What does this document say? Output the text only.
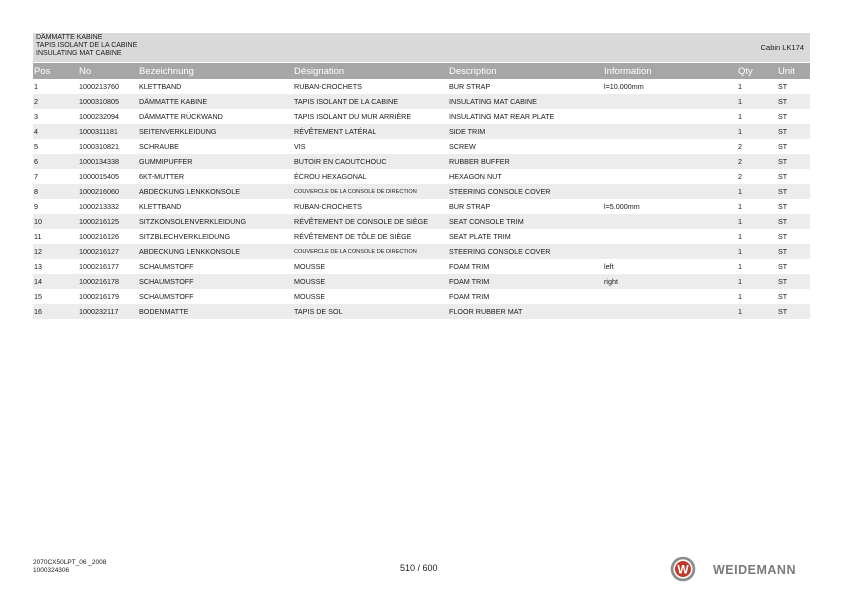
DÄMMATTE KABINE
TAPIS ISOLANT DE LA CABINE
INSULATING MAT CABINE
Cabin LK174
Pos	No	Bezeichnung	Désignation	Description	Information	Qty	Unit
1	1000213760	KLETTBAND	RUBAN-CROCHETS	BUR STRAP	l=10.000mm	1	ST
2	1000310805	DÄMMATTE KABINE	TAPIS ISOLANT DE LA CABINE	INSULATING MAT CABINE		1	ST
3	1000232094	DÄMMATTE RÜCKWAND	TAPIS ISOLANT DU MUR ARRIÈRE	INSULATING MAT REAR PLATE		1	ST
4	1000311181	SEITENVERKLEIDUNG	RÉVÊTEMENT LATÉRAL	SIDE TRIM		1	ST
5	1000310821	SCHRAUBE	VIS	SCREW		2	ST
6	1000134338	GUMMIPUFFER	BUTOIR EN CAOUTCHOUC	RUBBER BUFFER		2	ST
7	1000015405	6KT-MUTTER	ÉCROU HEXAGONAL	HEXAGON NUT		2	ST
8	1000216060	ABDECKUNG LENKKONSOLE	COUVERCLE DE LA CONSOLE DE DIRECTION	STEERING CONSOLE COVER		1	ST
9	1000213332	KLETTBAND	RUBAN-CROCHETS	BUR STRAP	l=5.000mm	1	ST
10	1000216125	SITZKONSOLENVERKLEIDUNG	RÉVÊTEMENT DE CONSOLE DE SIÈGE	SEAT CONSOLE TRIM		1	ST
11	1000216126	SITZBLECHVERKLEIDUNG	RÉVÊTEMENT DE TÔLE DE SIÈGE	SEAT PLATE TRIM		1	ST
12	1000216127	ABDECKUNG LENKKONSOLE	COUVERCLE DE LA CONSOLE DE DIRECTION	STEERING CONSOLE COVER		1	ST
13	1000216177	SCHAUMSTOFF	MOUSSE	FOAM TRIM	left	1	ST
14	1000216178	SCHAUMSTOFF	MOUSSE	FOAM TRIM	right	1	ST
15	1000216179	SCHAUMSTOFF	MOUSSE	FOAM TRIM		1	ST
16	1000232117	BODENMATTE	TAPIS DE SOL	FLOOR RUBBER MAT		1	ST
2070CX50LPT_06 _2008
1000324306	510 / 600	W WEIDEMANN
